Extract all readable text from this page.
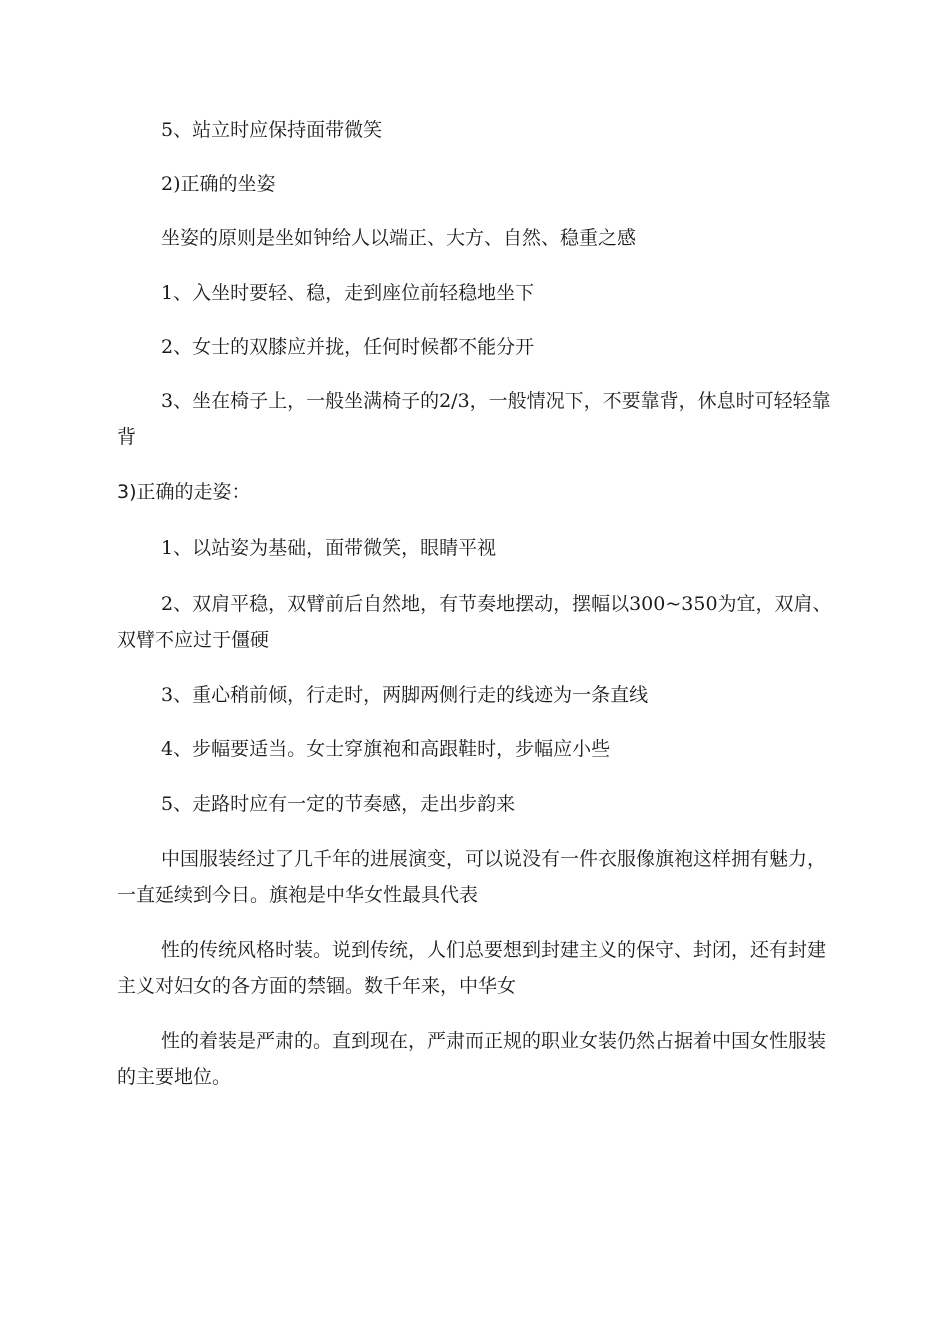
5、站立时应保持面带微笑

2)正确的坐姿

坐姿的原则是坐如钟给人以端正、大方、自然、稳重之感

1、入坐时要轻、稳，走到座位前轻稳地坐下

2、女士的双膝应并拢，任何时候都不能分开

3、坐在椅子上，一般坐满椅子的2/3，一般情况下，不要靠背，休息时可轻轻靠背

3)正确的走姿：

1、以站姿为基础，面带微笑，眼睛平视

2、双肩平稳，双臂前后自然地，有节奏地摆动，摆幅以300~350为宜，双肩、双臂不应过于僵硬

3、重心稍前倾，行走时，两脚两侧行走的线迹为一条直线

4、步幅要适当。女士穿旗袍和高跟鞋时，步幅应小些

5、走路时应有一定的节奏感，走出步韵来

中国服装经过了几千年的进展演变，可以说没有一件衣服像旗袍这样拥有魅力，一直延续到今日。旗袍是中华女性最具代表

性的传统风格时装。说到传统，人们总要想到封建主义的保守、封闭，还有封建主义对妇女的各方面的禁锢。数千年来，中华女

性的着装是严肃的。直到现在，严肃而正规的职业女装仍然占据着中国女性服装的主要地位。
